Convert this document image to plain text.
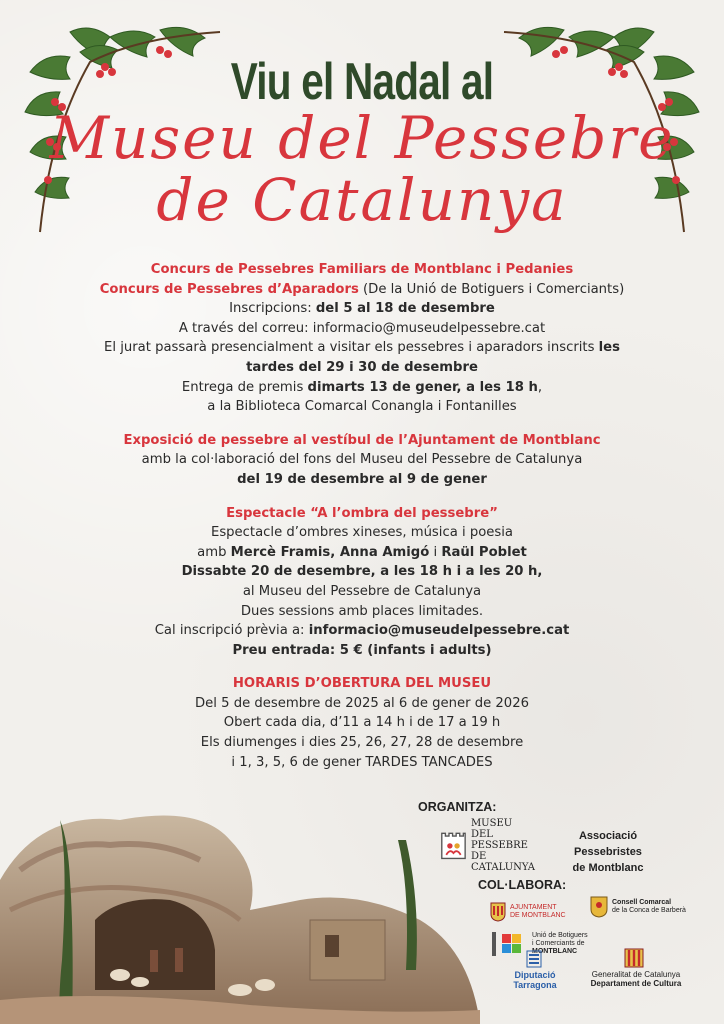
Viu el Nadal al
Museu del Pessebre
de Catalunya

Concurs de Pessebres Familiars de Montblanc i Pedanies

Concurs de Pessebres d’Aparadors (De la Unió de Botiguers i Comerciants)

Inscripcions: del 5 al 18 de desembre

A través del correu: informacio@museudelpessebre.cat

El jurat passarà presencialment a visitar els pessebres i aparadors inscrits les tardes del 29 i 30 de desembre

Entrega de premis dimarts 13 de gener, a les 18 h,

a la Biblioteca Comarcal Conangla i Fontanilles

Exposició de pessebre al vestíbul de l’Ajuntament de Montblanc

amb la col·laboració del fons del Museu del Pessebre de Catalunya

del 19 de desembre al 9 de gener

Espectacle “A l’ombra del pessebre”

Espectacle d’ombres xineses, música i poesia

amb Mercè Framis, Anna Amigó i Raül Poblet

Dissabte 20 de desembre, a les 18 h i a les 20 h,

al Museu del Pessebre de Catalunya

Dues sessions amb places limitades.

Cal inscripció prèvia a: informacio@museudelpessebre.cat

Preu entrada: 5 € (infants i adults)

HORARIS D’OBERTURA DEL MUSEU

Del 5 de desembre de 2025 al 6 de gener de 2026

Obert cada dia, d’11 a 14 h i de 17 a 19 h

Els diumenges i dies 25, 26, 27, 28 de desembre

i 1, 3, 5, 6 de gener TARDES TANCADES

ORGANITZA:
MUSEU
DEL PESSEBRE
DE CATALUNYA
Associació Pessebristes
de Montblanc
COL·LABORA:
AJUNTAMENT
DE MONTBLANC
Consell Comarcal
de la Conca de Barberà
Unió de Botiguers
i Comerciants de
MONTBLANC
Diputació Tarragona
Generalitat de Catalunya
Departament de Cultura
